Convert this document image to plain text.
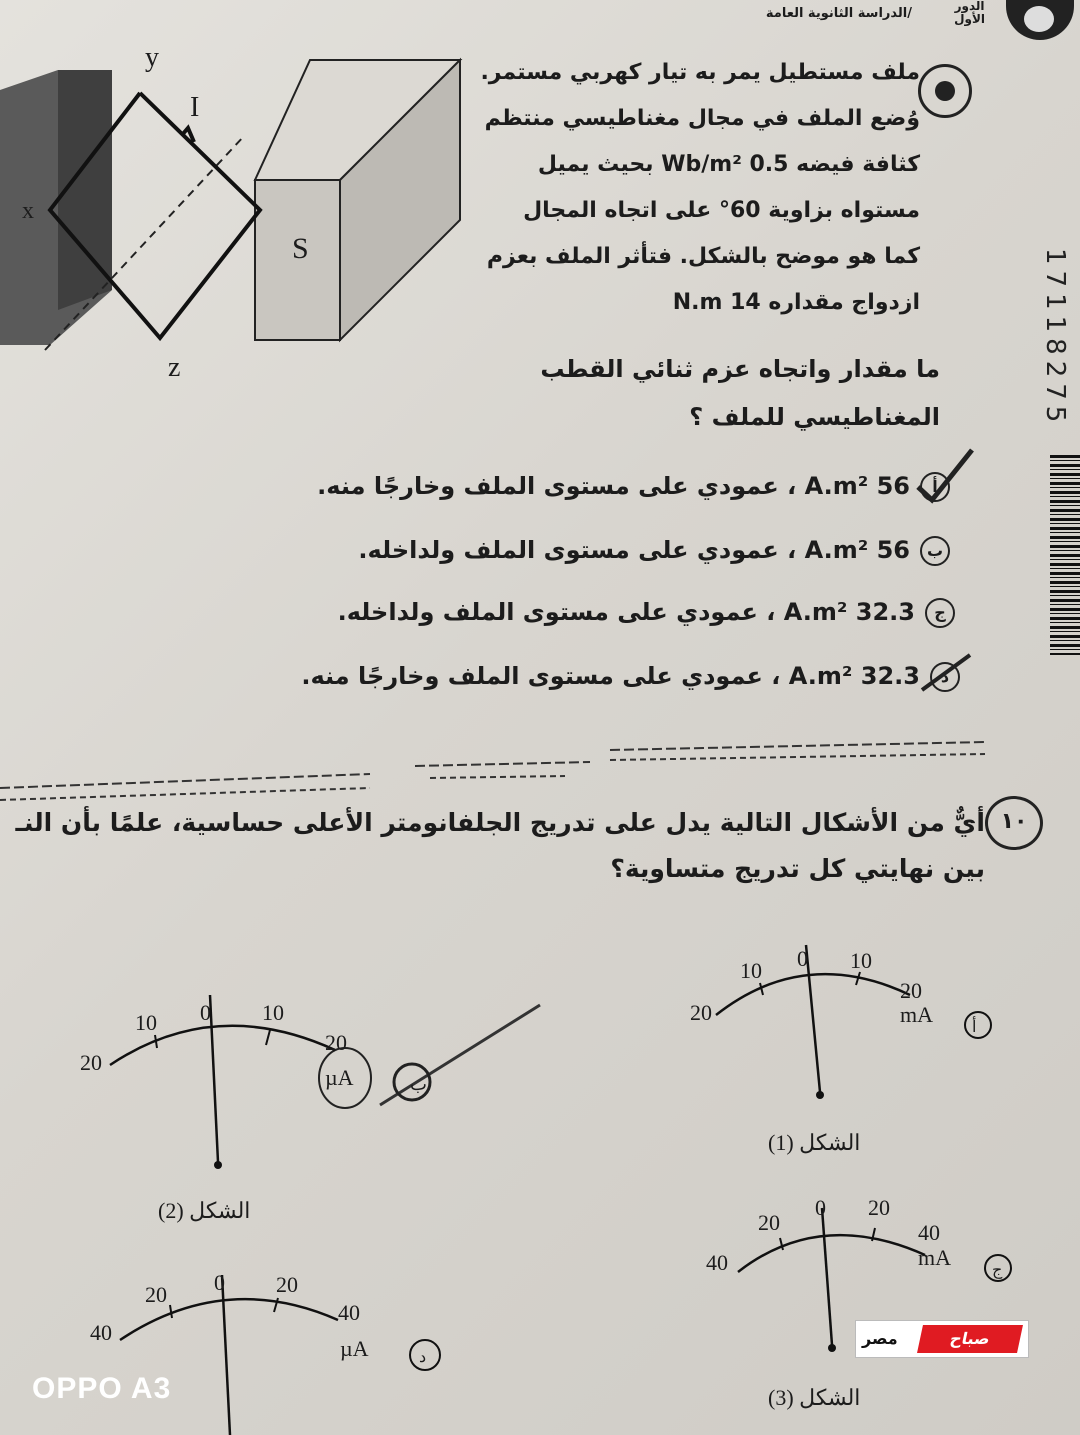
/الدراسة الثانوية العامة	الدور
الأول
y
I
x
S
z
ملف مستطيل يمر به تيار كهربي مستمر.
وُضع الملف في مجال مغناطيسي منتظم
كثافة فيضه 0.5 Wb/m² بحيث يميل
مستواه بزاوية 60° على اتجاه المجال
كما هو موضح بالشكل. فتأثر الملف بعزم
ازدواج مقداره 14 N.m
ما مقدار واتجاه عزم ثنائي القطب
المغناطيسي للملف ؟
أ56 A.m² ، عمودي على مستوى الملف وخارجًا منه.
ب56 A.m² ، عمودي على مستوى الملف ولداخله.
ج32.3 A.m² ، عمودي على مستوى الملف ولداخله.
د32.3 A.m² ، عمودي على مستوى الملف وخارجًا منه.
17118275
١٠
أيٌّ من الأشكال التالية يدل على تدريج الجلفانومتر الأعلى حساسية، علمًا بأن النـ
بين نهايتي كل تدريج متساوية؟
20
10 0 10
20
mA
أ
الشكل (1)
20
10 0 10
20
µA	ب
الشكل (2)
40
20
0 20
40
mA
ج
الشكل (3)
40
20 0 20
40
µA	د
صباح
مصر
OPPO A3
